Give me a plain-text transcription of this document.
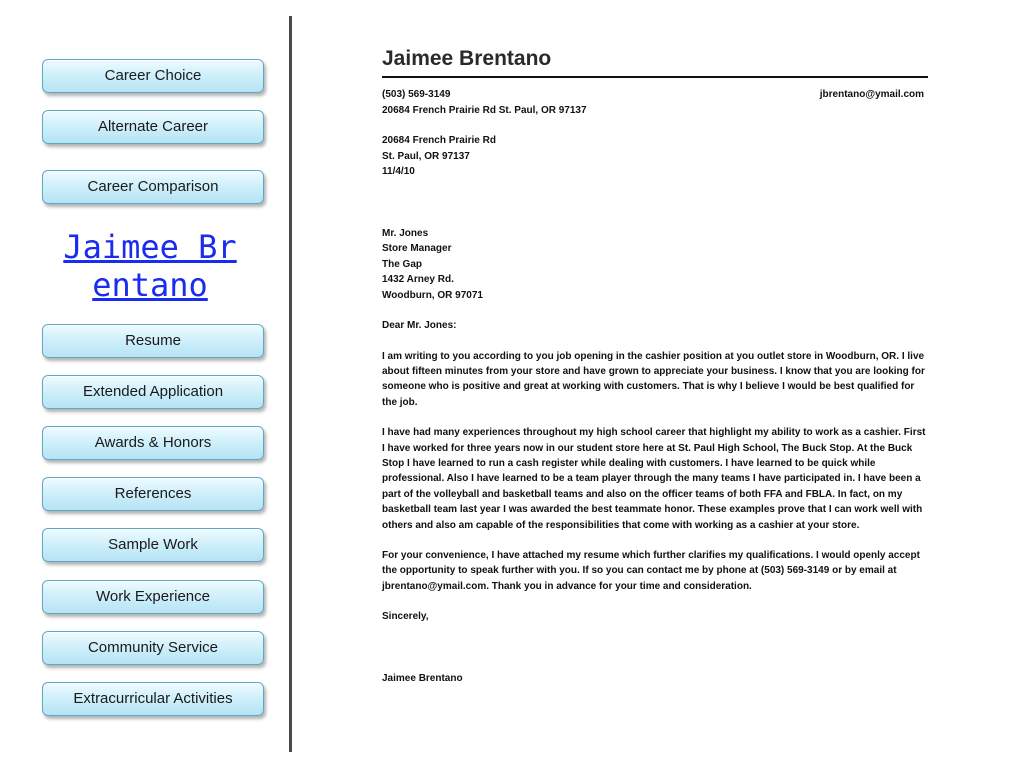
Career Choice
Alternate Career
Career Comparison
Resume
Extended Application
Awards & Honors
References
Sample Work
Work Experience
Community Service
Extracurricular Activities
Jaimee Brentano
Jaimee Brentano
(503) 569-3149	jbrentano@ymail.com
20684 French Prairie Rd St. Paul, OR 97137
20684 French Prairie Rd
St. Paul, OR 97137
11/4/10
Mr. Jones
Store Manager
The Gap
1432 Arney Rd.
Woodburn, OR 97071
Dear Mr. Jones:

I am writing to you according to you job opening in the cashier position at you outlet store in Woodburn, OR. I live about fifteen minutes from your store and have grown to appreciate your business. I know that you are looking for someone who is positive and great at working with customers. That is why I believe I would be best qualified for the job.

I have had many experiences throughout my high school career that highlight my ability to work as a cashier. First I have worked for three years now in our student store here at St. Paul High School, The Buck Stop. At the Buck Stop I have learned to run a cash register while dealing with customers. I have learned to be quick while professional. Also I have learned to be a team player through the many teams I have participated in. I have been a part of the volleyball and basketball teams and also on the officer teams of both FFA and FBLA. In fact, on my basketball team last year I was awarded the best teammate honor. These examples prove that I can work well with others and also am capable of the responsibilities that come with working as a cashier at your store.

For your convenience, I have attached my resume which further clarifies my qualifications. I would openly accept the opportunity to speak further with you. If so you can contact me by phone at (503) 569-3149 or by email at jbrentano@ymail.com. Thank you in advance for your time and consideration.

Sincerely,
Jaimee Brentano
